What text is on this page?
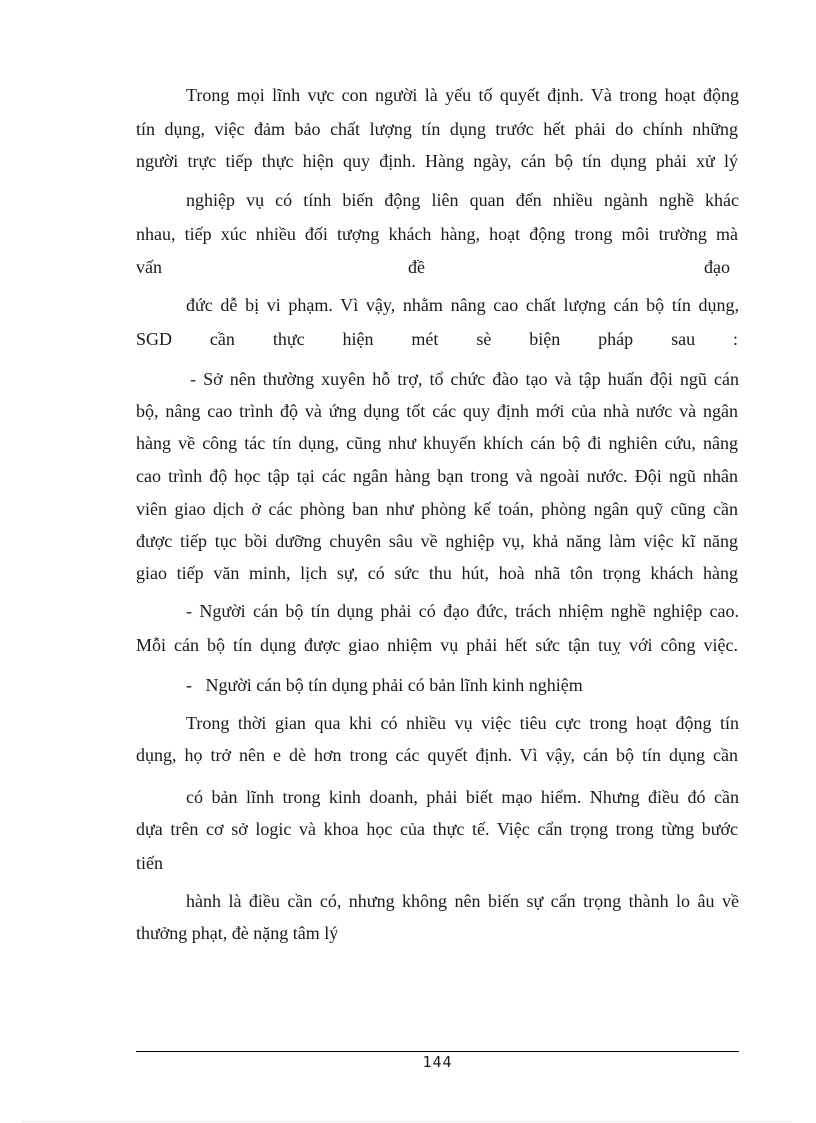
Trong mọi lĩnh vực con người là yếu tố quyết định. Và trong hoạt động
tín dụng, việc đảm bảo chất lượng tín dụng trước hết phải do chính những
người trực tiếp thực hiện quy định. Hàng ngày, cán bộ tín dụng phải xử lý
nghiệp vụ có tính biến động liên quan đến nhiều ngành nghề khác
nhau, tiếp xúc nhiều đối tượng khách hàng, hoạt động trong môi trường mà
vấn	đề	đạo
đức dễ bị vi phạm. Vì vậy, nhằm nâng cao chất lượng cán bộ tín dụng,
SGD cần thực hiện mét sè biện pháp sau :
- Sở nên thường xuyên hỗ trợ, tổ chức đào tạo và tập huấn đội ngũ cán
bộ, nâng cao trình độ và ứng dụng tốt các quy định mới của nhà nước và ngân
hàng về công tác tín dụng, cũng như khuyến khích cán bộ đi nghiên cứu, nâng
cao trình độ học tập tại các ngân hàng bạn trong và ngoài nước. Đội ngũ nhân
viên giao dịch ở các phòng ban như phòng kế toán, phòng ngân quỹ cũng cần
được tiếp tục bồi dưỡng chuyên sâu về nghiệp vụ, khả năng làm việc kĩ năng
giao tiếp văn minh, lịch sự, có sức thu hút, hoà nhã tôn trọng khách hàng
- Người cán bộ tín dụng phải có đạo đức, trách nhiệm nghề nghiệp cao.
Mỗi cán bộ tín dụng được giao nhiệm vụ phải hết sức tận tuỵ với công việc.
-   Người cán bộ tín dụng phải có bản lĩnh kinh nghiệm
Trong thời gian qua khi có nhiều vụ việc tiêu cực trong hoạt động tín
dụng, họ trở nên e dè hơn trong các quyết định. Vì vậy, cán bộ tín dụng cần
có bản lĩnh trong kinh doanh, phải biết mạo hiểm. Nhưng điều đó cần
dựa trên cơ sở logic và khoa học của thực tế. Việc cẩn trọng trong từng bước
tiến
hành là điều cần có, nhưng không nên biến sự cẩn trọng thành lo âu về
thưởng phạt, đè nặng tâm lý
144
